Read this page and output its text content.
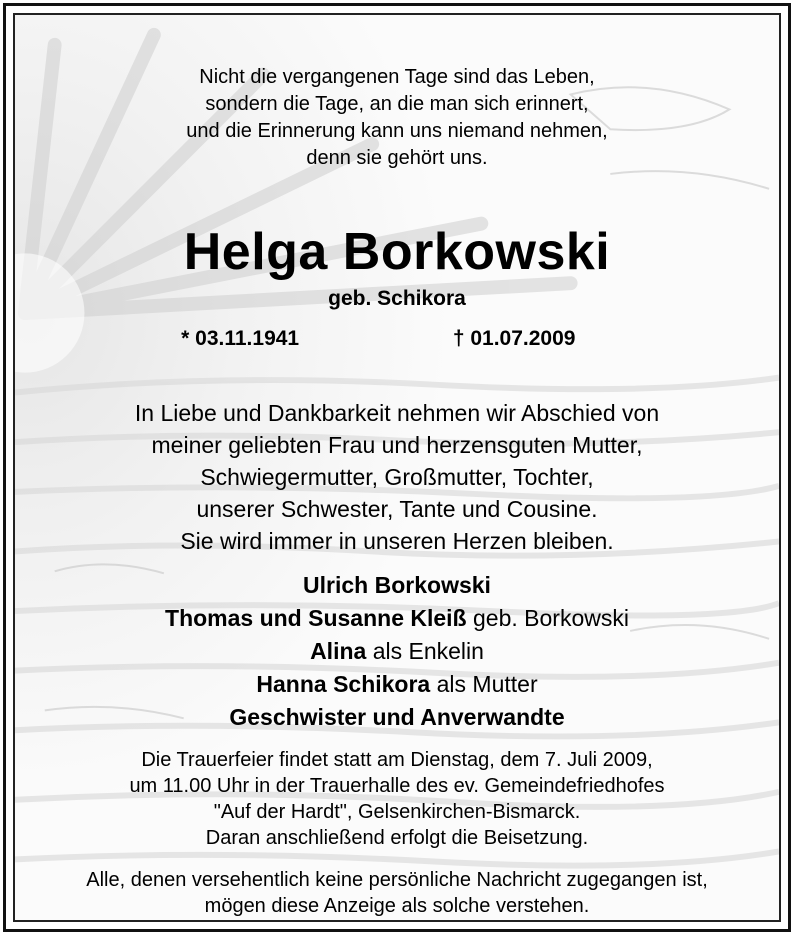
Nicht die vergangenen Tage sind das Leben,
sondern die Tage, an die man sich erinnert,
und die Erinnerung kann uns niemand nehmen,
denn sie gehört uns.
Helga Borkowski
geb. Schikora
* 03.11.1941	† 01.07.2009
In Liebe und Dankbarkeit nehmen wir Abschied von
meiner geliebten Frau und herzensguten Mutter,
Schwiegermutter, Großmutter, Tochter,
unserer Schwester, Tante und Cousine.
Sie wird immer in unseren Herzen bleiben.
Ulrich Borkowski
Thomas und Susanne Kleiß geb. Borkowski
Alina als Enkelin
Hanna Schikora als Mutter
Geschwister und Anverwandte
Die Trauerfeier findet statt am Dienstag, dem 7. Juli 2009,
um 11.00 Uhr in der Trauerhalle des ev. Gemeindefriedhofes
"Auf der Hardt", Gelsenkirchen-Bismarck.
Daran anschließend erfolgt die Beisetzung.
Alle, denen versehentlich keine persönliche Nachricht zugegangen ist,
mögen diese Anzeige als solche verstehen.
